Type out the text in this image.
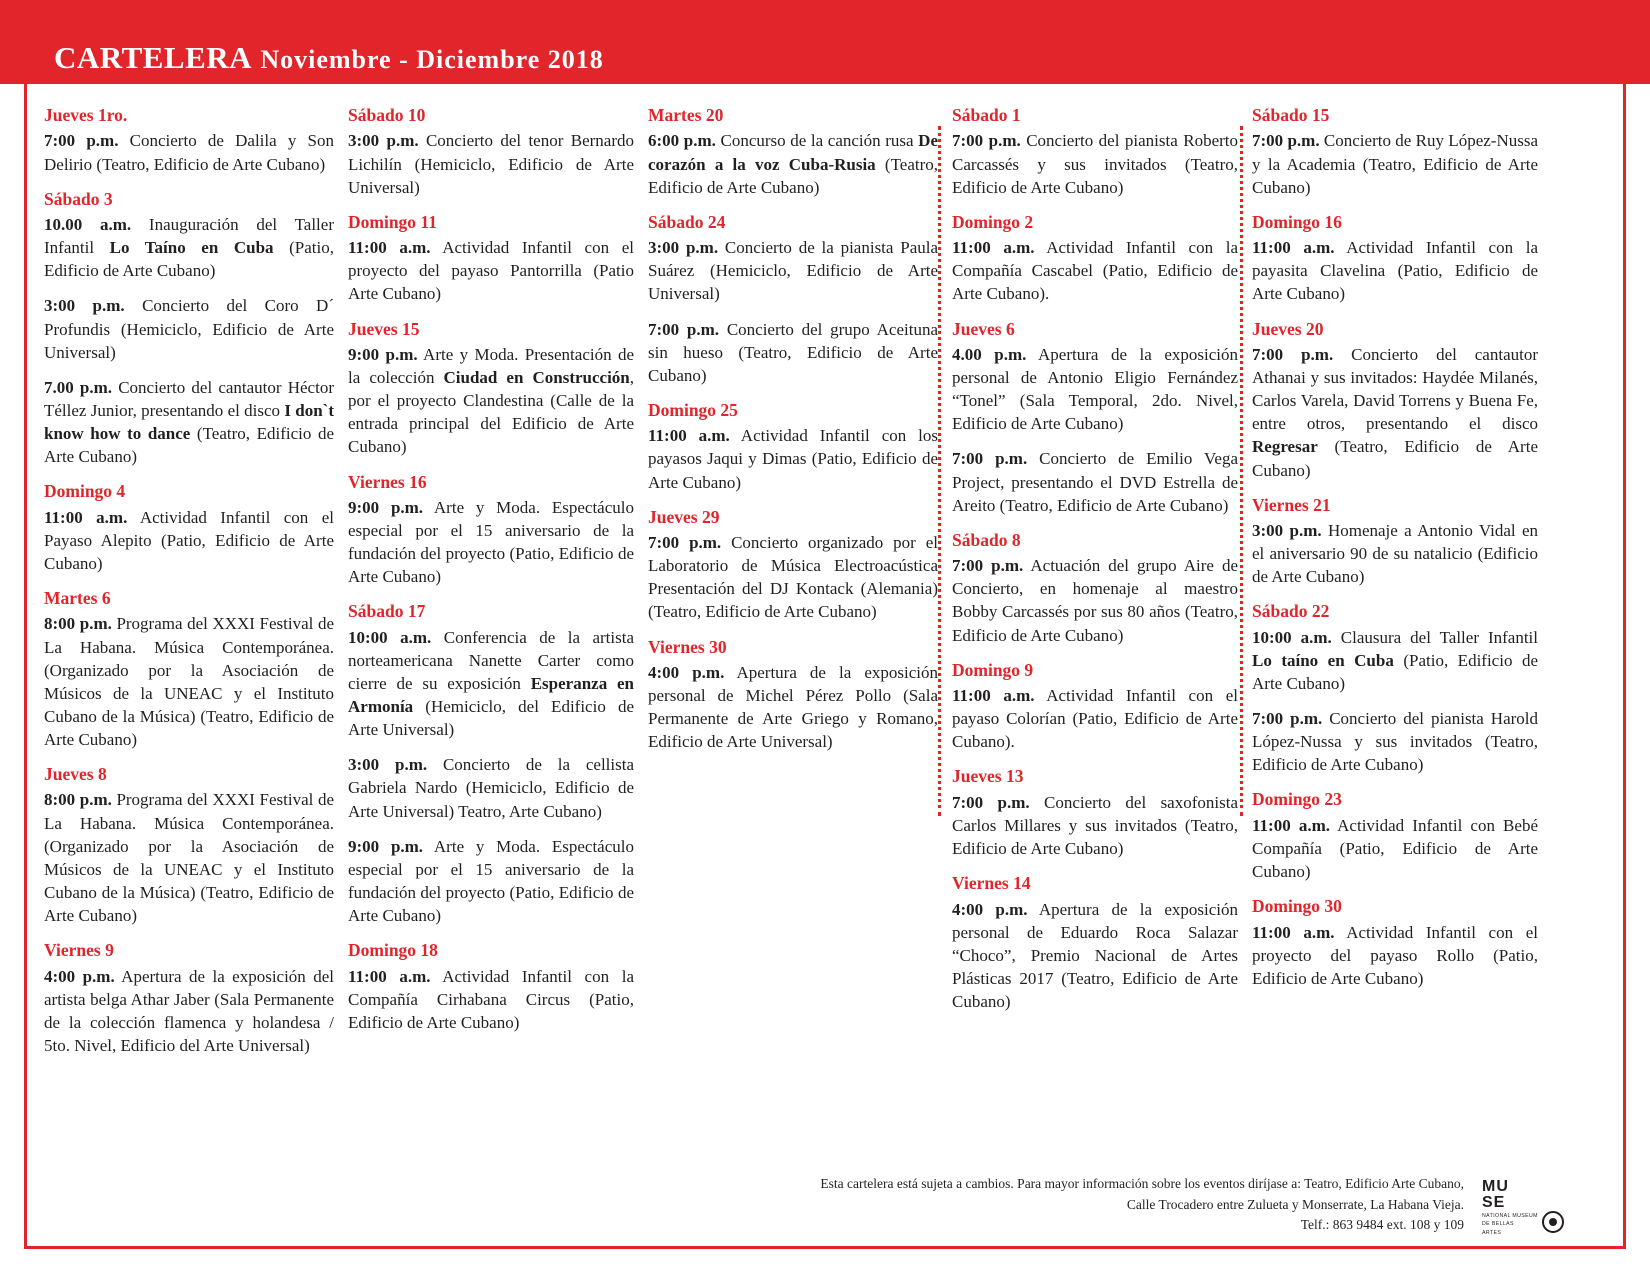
CARTELERA Noviembre - Diciembre 2018
Jueves 1ro.
7:00 p.m. Concierto de Dalila y Son Delirio (Teatro, Edificio de Arte Cubano)
Sábado 3
10.00 a.m. Inauguración del Taller Infantil Lo Taíno en Cuba (Patio, Edificio de Arte Cubano)
3:00 p.m. Concierto del Coro D´ Profundis (Hemiciclo, Edificio de Arte Universal)
7.00 p.m. Concierto del cantautor Héctor Téllez Junior, presentando el disco I don`t know how to dance (Teatro, Edificio de Arte Cubano)
Domingo 4
11:00 a.m. Actividad Infantil con el Payaso Alepito (Patio, Edificio de Arte Cubano)
Martes 6
8:00 p.m. Programa del XXXI Festival de La Habana. Música Contemporánea. (Organizado por la Asociación de Músicos de la UNEAC y el Instituto Cubano de la Música) (Teatro, Edificio de Arte Cubano)
Jueves 8
8:00 p.m. Programa del XXXI Festival de La Habana. Música Contemporánea. (Organizado por la Asociación de Músicos de la UNEAC y el Instituto Cubano de la Música) (Teatro, Edificio de Arte Cubano)
Viernes 9
4:00 p.m. Apertura de la exposición del artista belga Athar Jaber (Sala Permanente de la colección flamenca y holandesa / 5to. Nivel, Edificio del Arte Universal)
Sábado 10
3:00 p.m. Concierto del tenor Bernardo Lichilín (Hemiciclo, Edificio de Arte Universal)
Domingo 11
11:00 a.m. Actividad Infantil con el proyecto del payaso Pantorrilla (Patio Arte Cubano)
Jueves 15
9:00 p.m. Arte y Moda. Presentación de la colección Ciudad en Construcción, por el proyecto Clandestina (Calle de la entrada principal del Edificio de Arte Cubano)
Viernes 16
9:00 p.m. Arte y Moda. Espectáculo especial por el 15 aniversario de la fundación del proyecto (Patio, Edificio de Arte Cubano)
Sábado 17
10:00 a.m. Conferencia de la artista norteamericana Nanette Carter como cierre de su exposición Esperanza en Armonía (Hemiciclo, del Edificio de Arte Universal)
3:00 p.m. Concierto de la cellista Gabriela Nardo (Hemiciclo, Edificio de Arte Universal) Teatro, Arte Cubano)
9:00 p.m. Arte y Moda. Espectáculo especial por el 15 aniversario de la fundación del proyecto (Patio, Edificio de Arte Cubano)
Domingo 18
11:00 a.m. Actividad Infantil con la Compañía Cirhabana Circus (Patio, Edificio de Arte Cubano)
Martes 20
6:00 p.m. Concurso de la canción rusa De corazón a la voz Cuba-Rusia (Teatro, Edificio de Arte Cubano)
Sábado 24
3:00 p.m. Concierto de la pianista Paula Suárez (Hemiciclo, Edificio de Arte Universal)
7:00 p.m. Concierto del grupo Aceituna sin hueso (Teatro, Edificio de Arte Cubano)
Domingo 25
11:00 a.m. Actividad Infantil con los payasos Jaqui y Dimas (Patio, Edificio de Arte Cubano)
Jueves 29
7:00 p.m. Concierto organizado por el Laboratorio de Música Electroacústica Presentación del DJ Kontack (Alemania) (Teatro, Edificio de Arte Cubano)
Viernes 30
4:00 p.m. Apertura de la exposición personal de Michel Pérez Pollo (Sala Permanente de Arte Griego y Romano, Edificio de Arte Universal)
Sábado 1
7:00 p.m. Concierto del pianista Roberto Carcassés y sus invitados (Teatro, Edificio de Arte Cubano)
Domingo 2
11:00 a.m. Actividad Infantil con la Compañía Cascabel (Patio, Edificio de Arte Cubano).
Jueves 6
4.00 p.m. Apertura de la exposición personal de Antonio Eligio Fernández “Tonel” (Sala Temporal, 2do. Nivel, Edificio de Arte Cubano)
7:00 p.m. Concierto de Emilio Vega Project, presentando el DVD Estrella de Areito (Teatro, Edificio de Arte Cubano)
Sábado 8
7:00 p.m. Actuación del grupo Aire de Concierto, en homenaje al maestro Bobby Carcassés por sus 80 años (Teatro, Edificio de Arte Cubano)
Domingo 9
11:00 a.m. Actividad Infantil con el payaso Colorían (Patio, Edificio de Arte Cubano).
Jueves 13
7:00 p.m. Concierto del saxofonista Carlos Millares y sus invitados (Teatro, Edificio de Arte Cubano)
Viernes 14
4:00 p.m. Apertura de la exposición personal de Eduardo Roca Salazar “Choco”, Premio Nacional de Artes Plásticas 2017 (Teatro, Edificio de Arte Cubano)
Sábado 15
7:00 p.m. Concierto de Ruy López-Nussa y la Academia (Teatro, Edificio de Arte Cubano)
Domingo 16
11:00 a.m. Actividad Infantil con la payasita Clavelina (Patio, Edificio de Arte Cubano)
Jueves 20
7:00 p.m. Concierto del cantautor Athanai y sus invitados: Haydée Milanés, Carlos Varela, David Torrens y Buena Fe, entre otros, presentando el disco Regresar (Teatro, Edificio de Arte Cubano)
Viernes 21
3:00 p.m. Homenaje a Antonio Vidal en el aniversario 90 de su natalicio (Edificio de Arte Cubano)
Sábado 22
10:00 a.m. Clausura del Taller Infantil Lo taíno en Cuba (Patio, Edificio de Arte Cubano)
7:00 p.m. Concierto del pianista Harold López-Nussa y sus invitados (Teatro, Edificio de Arte Cubano)
Domingo 23
11:00 a.m. Actividad Infantil con Bebé Compañía (Patio, Edificio de Arte Cubano)
Domingo 30
11:00 a.m. Actividad Infantil con el proyecto del payaso Rollo (Patio, Edificio de Arte Cubano)
Esta cartelera está sujeta a cambios. Para mayor información sobre los eventos diríjase a: Teatro, Edificio Arte Cubano,
Calle Trocadero entre Zulueta y Monserrate, La Habana Vieja.
Telf.: 863 9484 ext. 108 y 109
MU
SE
NATIONAL MUSEUM
DE BELLAS
ARTES
